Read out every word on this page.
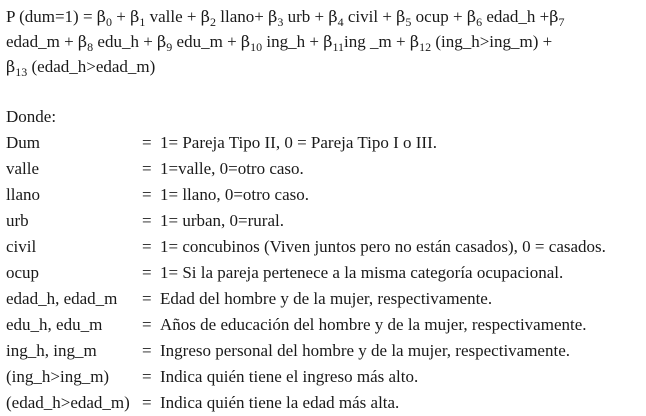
P $(dum=1) = \beta_0 + \beta_1$ valle + $\beta_2$ llano+ $\beta_3$ urb + $\beta_4$ civil + $\beta_5$ ocup + $\beta_6$ edad_h $+\beta_7$
edad_m + $\beta_8$ edu_h + $\beta_9$ edu_m + $\beta_{10}$ ing_h + $\beta_{11}ing$ _m + $\beta_{12}$ (ing_h>ing_m) +
$\beta_{13}$ (edad_h>edad_m)
Donde:
Dum	= 1= Pareja Tipo II, 0 = Pareja Tipo I o III.
valle	= 1=valle, 0=otro caso.
llano	= 1= llano, 0=otro caso.
urb	= 1= urban, 0=rural.
civil	= 1= concubinos (Viven juntos pero no están casados), 0 = casados.
ocup	= 1= Si la pareja pertenece a la misma categoría ocupacional.
edad_h, edad_m	= Edad del hombre y de la mujer, respectivamente.
edu_h, edu_m	= Años de educación del hombre y de la mujer, respectivamente.
ing_h, ing_m	= Ingreso personal del hombre y de la mujer, respectivamente.
(ing_h>ing_m)	= Indica quién tiene el ingreso más alto.
(edad_h>edad_m) = Indica quién tiene la edad más alta.
